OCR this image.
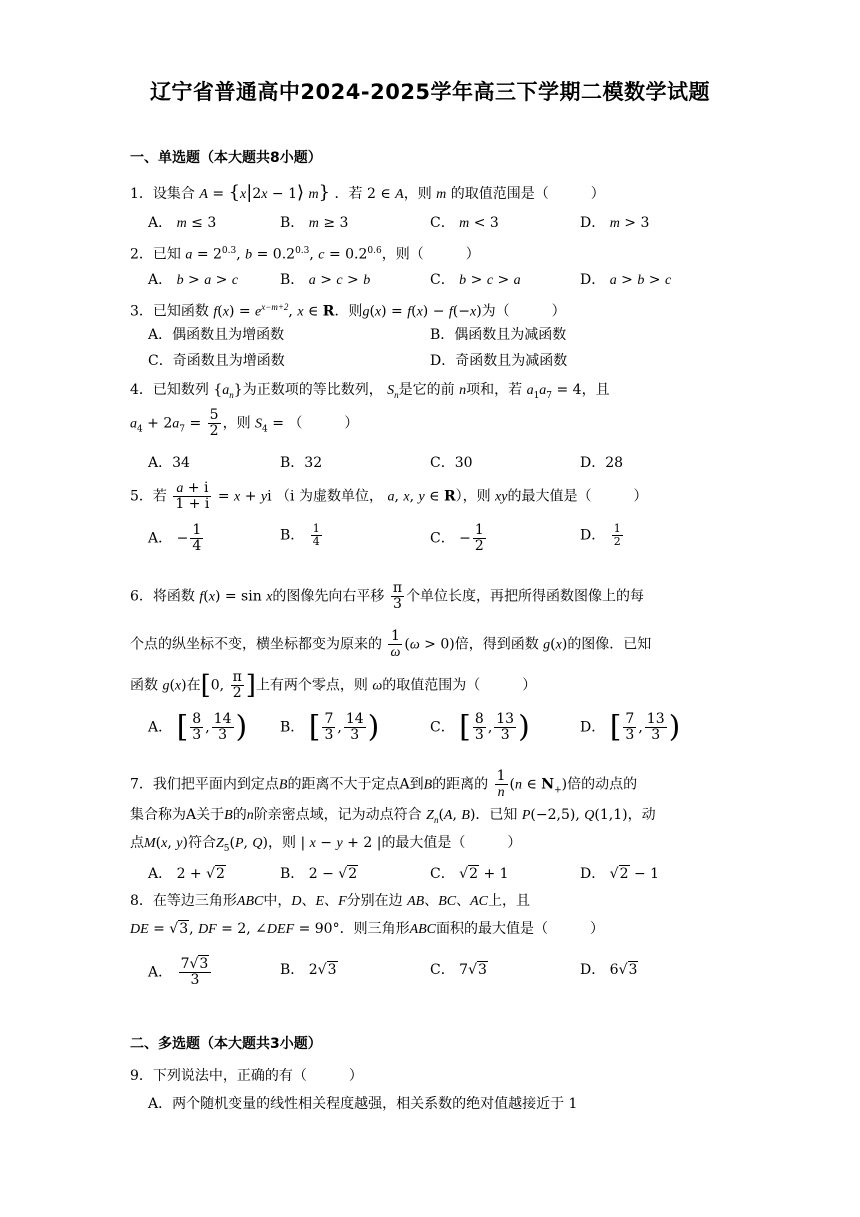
辽宁省普通高中2024-2025学年高三下学期二模数学试题
一、单选题（本大题共8小题）
1．设集合 A = {x|2x − 1⟩ m} ．若 2 ∈ A，则 m 的取值范围是（　　　）
A． m ≤ 3	B． m ≥ 3	C． m < 3	D． m > 3
2．已知 $a = 2^{0.3}$, $b = 0.2^{0.3}$, $c = 0.2^{0.6}$，则（　　　）
A． b > a > c	B． a > c > b	C． b > c > a	D． a > b > c
3．已知函数 $f(x) = e^{x-m+2}$, x ∈ R．则g(x) = f(x) − f(−x)为（　　　）
A．偶函数且为增函数	B．偶函数且为减函数
C．奇函数且为增函数	D．奇函数且为减函数
4．已知数列 $\{a_n\}$为正数项的等比数列， $S_n$是它的前 n项和，若 $a_1a_7 = 4$，且
$a_4 + 2a_7 = \frac{5}{2}$ ，则 $S_4$ = （　　　）
A．34	B．32	C．30	D．28
5．若 $\frac{a + i}{1 + i} = x$ + yi （i 为虚数单位， a, x, y ∈ R），则 xy的最大值是（　　　）
A． − $\frac{1}{4}$	B． $\frac{1}{4}$	C． − $\frac{1}{2}$	D． $\frac{1}{2}$
6．将函数 f(x) = sin x的图像先向右平移 $\frac{\pi}{3}$ 个单位长度，再把所得函数图像上的每
个点的纵坐标不变，横坐标都变为原来的 $\frac{1}{\omega} (\omega > 0)$倍，得到函数 g(x)的图像．已知
函数 g(x)在[0, $\frac{\pi}{2}$ ]上有两个零点，则 ω的取值范围为（　　　）
A． [ $\frac{8}{3}$ , $\frac{14}{3}$ ) B． [ $\frac{7}{3}$ , $\frac{14}{3}$ )	C． [ $\frac{8}{3}$ , $\frac{13}{3}$ )	D． [ $\frac{7}{3}$ , $\frac{13}{3}$ )
7．我们把平面内到定点B的距离不大于定点A到B的距离的 $\frac{1}{n} (n$ ∈ $N_+$)倍的动点的
集合称为A关于B的n阶亲密点域，记为动点符合 $Z_n(A$, B)．已知 P(−2,5), Q(1,1)，动
点M(x, y)符合$Z_5(P$, Q)，则 | x − y + 2 |的最大值是（　　　）
A． 2 + √2	B． 2 − √2	C． √2 + 1	D． √2 − 1
8．在等边三角形ABC中，D、E、F分别在边 AB、BC、AC上，且
DE = √3, DF = 2, ∠DEF = 90°．则三角形ABC面积的最大值是（　　　）
A． $\frac{7√3}{3}$	B． 2√3	C． 7√3	D． 6√3
二、多选题（本大题共3小题）
9．下列说法中，正确的有（　　　）
A．两个随机变量的线性相关程度越强，相关系数的绝对值越接近于 1
